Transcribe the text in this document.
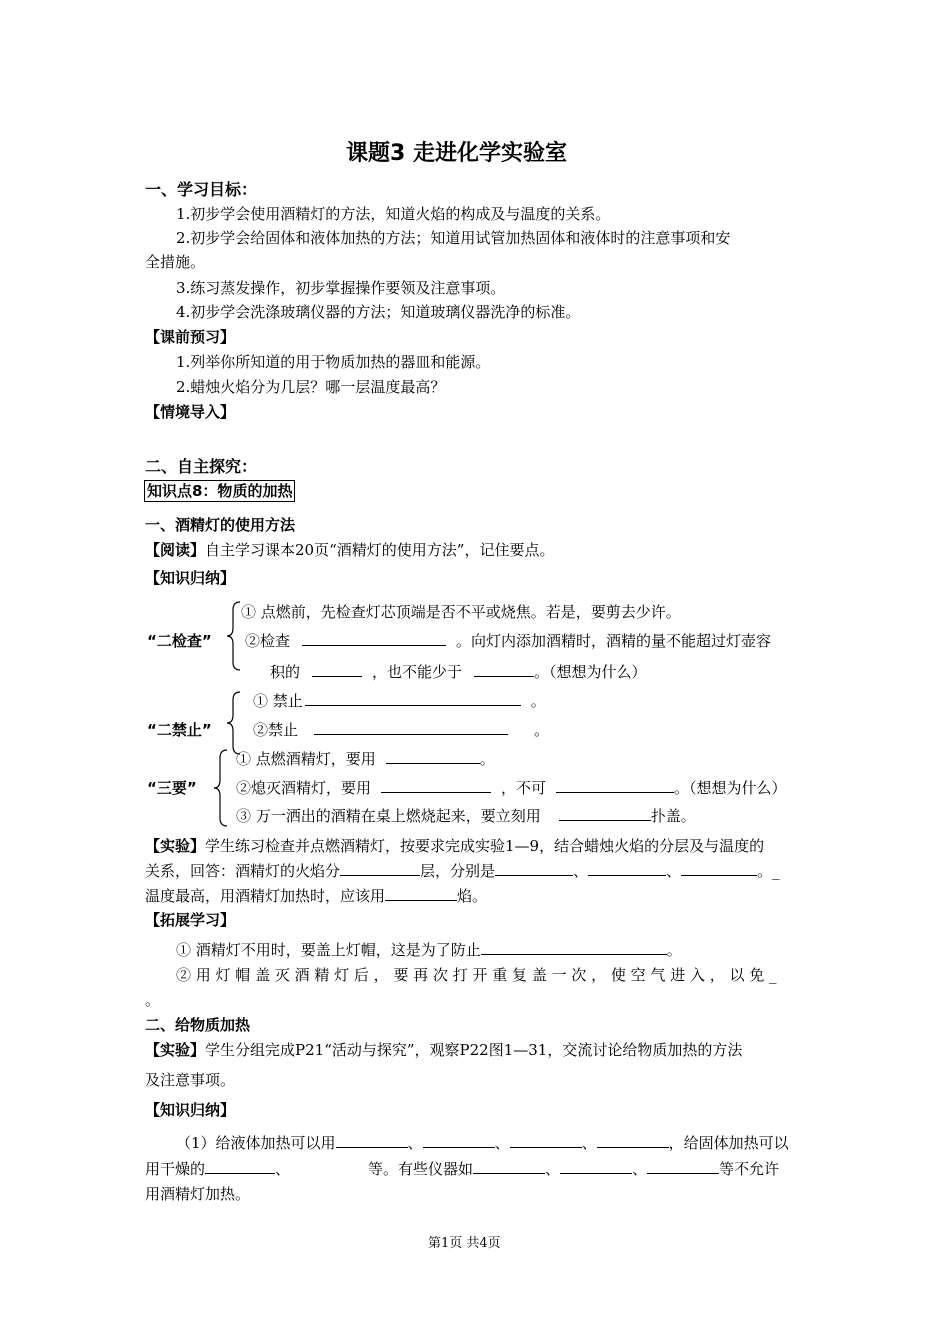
课题3 走进化学实验室
一、学习目标：
1.初步学会使用酒精灯的方法，知道火焰的构成及与温度的关系。
2.初步学会给固体和液体加热的方法；知道用试管加热固体和液体时的注意事项和安
全措施。
3.练习蒸发操作，初步掌握操作要领及注意事项。
4.初步学会洗涤玻璃仪器的方法；知道玻璃仪器洗净的标准。
【课前预习】
1.列举你所知道的用于物质加热的器皿和能源。
2.蜡烛火焰分为几层？哪一层温度最高？
【情境导入】
二、自主探究：
知识点8：物质的加热
一、酒精灯的使用方法
【阅读】自主学习课本20页“酒精灯的使用方法”，记住要点。
【知识归纳】
“二检查”
① 点燃前，先检查灯芯顶端是否不平或烧焦。若是，要剪去少许。
②检查	。向灯内添加酒精时，酒精的量不能超过灯壶容
积的	，也不能少于	。（想想为什么）
“二禁止”
① 禁止	。
②禁止	。
“三要”
① 点燃酒精灯，要用	。
②熄灭酒精灯，要用	，不可	。（想想为什么）
③ 万一洒出的酒精在桌上燃烧起来，要立刻用	扑盖。
【实验】学生练习检查并点燃酒精灯，按要求完成实验1—9，结合蜡烛火焰的分层及与温度的
关系，回答：酒精灯的火焰分	层，分别是	、	、	。_
温度最高，用酒精灯加热时，应该用	焰。
【拓展学习】
① 酒精灯不用时，要盖上灯帽，这是为了防止	。
② 用 灯 帽 盖 灭 酒 精 灯 后 ， 要 再 次 打 开 重 复 盖 一 次 ， 使 空 气 进 入 ， 以 免 _
。
二、给物质加热
【实验】学生分组完成P21“活动与探究”，观察P22图1—31，交流讨论给物质加热的方法
及注意事项。
【知识归纳】
（1）给液体加热可以用	、	、	、	，给固体加热可以
用干燥的	、	等。有些仪器如	、	、	等不允许
用酒精灯加热。
第1页 共4页
